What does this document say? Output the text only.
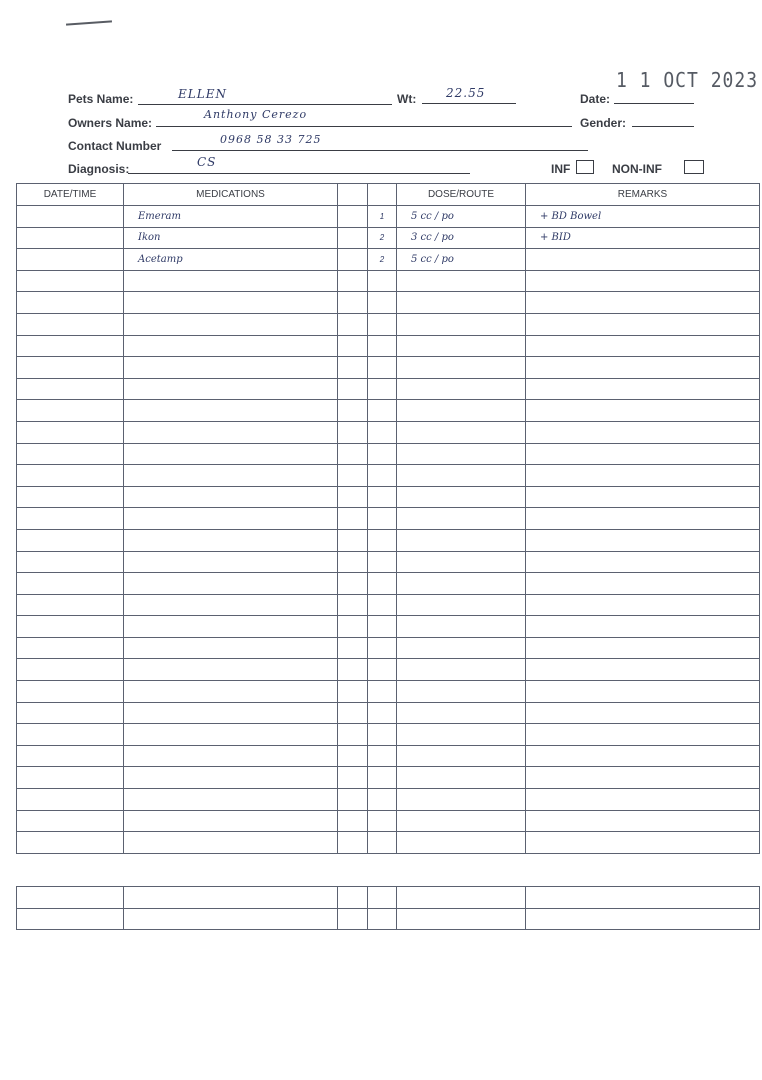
Pets Name:	ELLEN	Wt: 22.55
1 1 OCT 2023
Date:
Owners Name:
Anthony Cerezo
Gender:
Contact Number	0968 58 33 725
Diagnosis:	CS	INF	NON-INF
DATE/TIME	MEDICATIONS			DOSE/ROUTE	REMARKS
	Emeram		1	5 cc / po	+ BD Bowel
	Ikon		2	3 cc / po	+ BID
	Acetamp		2	5 cc / po	
